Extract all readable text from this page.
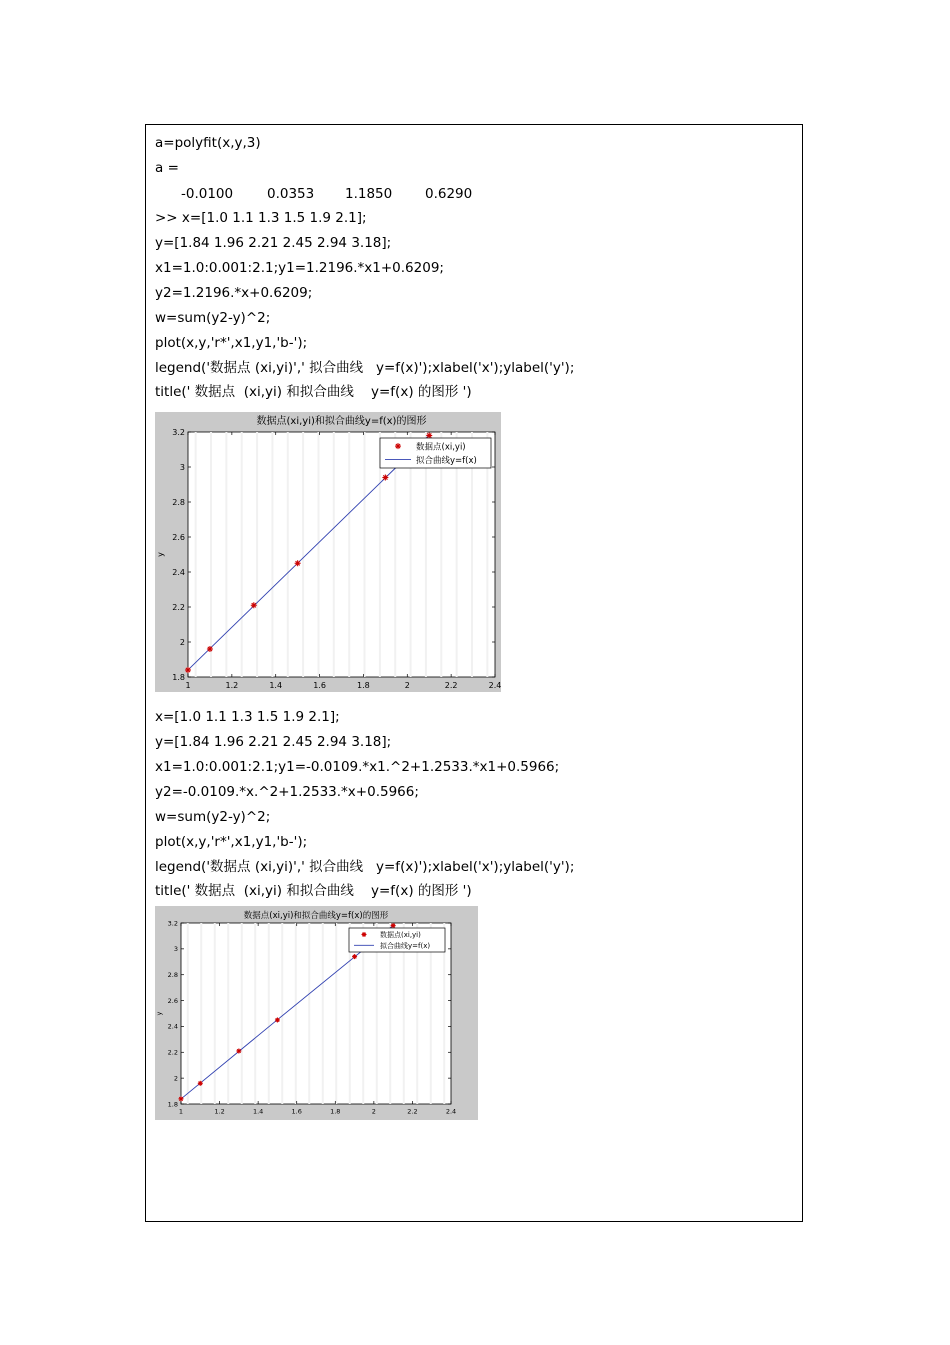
a=polyfit(x,y,3)
a =
-0.0100	0.0353 1.1850 0.6290
>> x=[1.0 1.1 1.3 1.5 1.9 2.1];
y=[1.84 1.96 2.21 2.45 2.94 3.18];
x1=1.0:0.001:2.1;y1=1.2196.*x1+0.6209;
y2=1.2196.*x+0.6209;
w=sum(y2-y)^2;
plot(x,y,'r*',x1,y1,'b-');
legend('数据点 (xi,yi)',' 拟合曲线   y=f(x)');xlabel('x');ylabel('y');
title(' 数据点  (xi,yi) 和拟合曲线    y=f(x) 的图形 ')
数据点(xi,yi)和拟合曲线y=f(x)的图形
1	1.2	1.4	1.6	1.8	2	2.2	2.4
1.8
2
2.2
2.4
2.6
2.8
3
3.2
y
数据点(xi,yi)
拟合曲线y=f(x)
x=[1.0 1.1 1.3 1.5 1.9 2.1];
y=[1.84 1.96 2.21 2.45 2.94 3.18];
x1=1.0:0.001:2.1;y1=-0.0109.*x1.^2+1.2533.*x1+0.5966;
y2=-0.0109.*x.^2+1.2533.*x+0.5966;
w=sum(y2-y)^2;
plot(x,y,'r*',x1,y1,'b-');
legend('数据点 (xi,yi)',' 拟合曲线   y=f(x)');xlabel('x');ylabel('y');
title(' 数据点  (xi,yi) 和拟合曲线    y=f(x) 的图形 ')
数据点(xi,yi)和拟合曲线y=f(x)的图形
1	1.2	1.4	1.6	1.8	2	2.2	2.4
1.8
2
2.2
2.4
2.6
2.8
3
3.2
y
数据点(xi,yi)
拟合曲线y=f(x)
